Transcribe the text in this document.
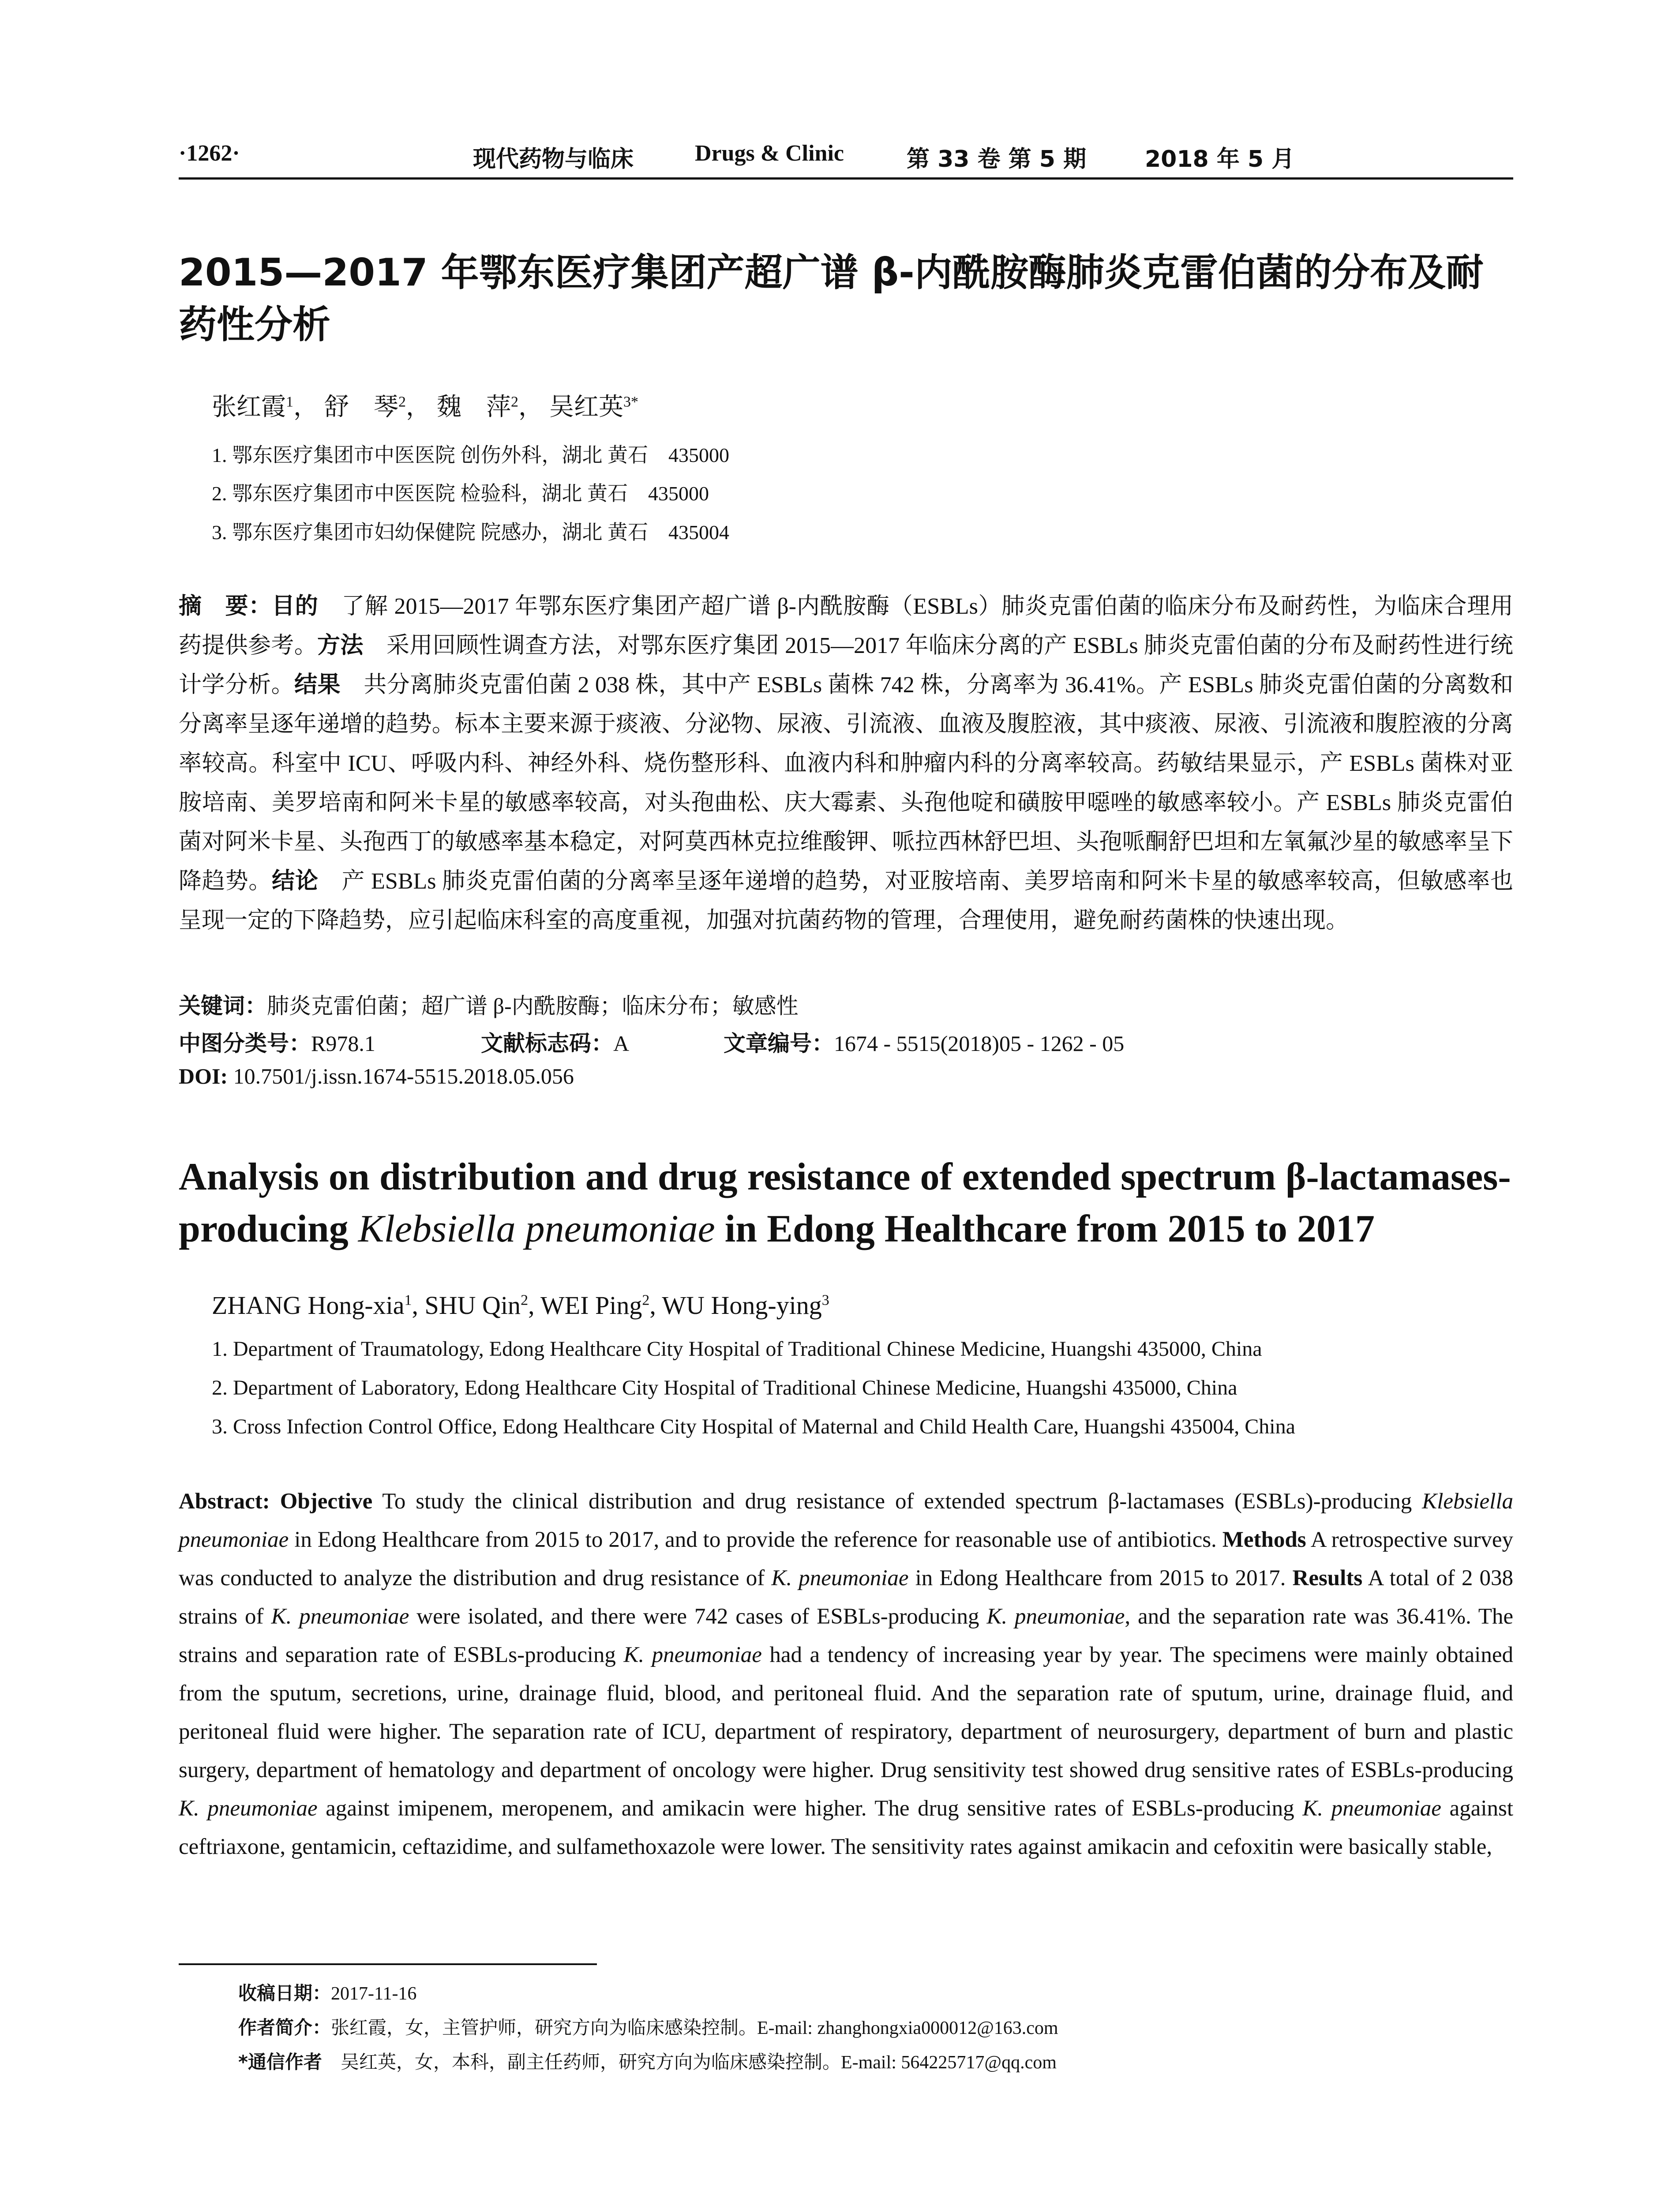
·1262·	现代药物与临床	Drugs & Clinic	第 33 卷 第 5 期	2018 年 5 月
2015—2017 年鄂东医疗集团产超广谱 β-内酰胺酶肺炎克雷伯菌的分布及耐
药性分析
张红霞$^1$， 舒　琴$^2$， 魏　萍$^2$， 吴红英$^{3*}$
1. 鄂东医疗集团市中医医院 创伤外科，湖北 黄石　435000
2. 鄂东医疗集团市中医医院 检验科，湖北 黄石　435000
3. 鄂东医疗集团市妇幼保健院 院感办，湖北 黄石　435004
摘　要：目的　了解 2015—2017 年鄂东医疗集团产超广谱 β-内酰胺酶（ESBLs）肺炎克雷伯菌的临床分布及耐药性，为临床合理用药提供参考。方法　采用回顾性调查方法，对鄂东医疗集团 2015—2017 年临床分离的产 ESBLs 肺炎克雷伯菌的分布及耐药性进行统计学分析。结果　共分离肺炎克雷伯菌 2 038 株，其中产 ESBLs 菌株 742 株，分离率为 36.41%。产 ESBLs 肺炎克雷伯菌的分离数和分离率呈逐年递增的趋势。标本主要来源于痰液、分泌物、尿液、引流液、血液及腹腔液，其中痰液、尿液、引流液和腹腔液的分离率较高。科室中 ICU、呼吸内科、神经外科、烧伤整形科、血液内科和肿瘤内科的分离率较高。药敏结果显示，产 ESBLs 菌株对亚胺培南、美罗培南和阿米卡星的敏感率较高，对头孢曲松、庆大霉素、头孢他啶和磺胺甲噁唑的敏感率较小。产 ESBLs 肺炎克雷伯菌对阿米卡星、头孢西丁的敏感率基本稳定，对阿莫西林克拉维酸钾、哌拉西林舒巴坦、头孢哌酮舒巴坦和左氧氟沙星的敏感率呈下降趋势。结论　产 ESBLs 肺炎克雷伯菌的分离率呈逐年递增的趋势，对亚胺培南、美罗培南和阿米卡星的敏感率较高，但敏感率也呈现一定的下降趋势，应引起临床科室的高度重视，加强对抗菌药物的管理，合理使用，避免耐药菌株的快速出现。
关键词：肺炎克雷伯菌；超广谱 β-内酰胺酶；临床分布；敏感性
中图分类号：R978.1	文献标志码：A	文章编号：1674 - 5515(2018)05 - 1262 - 05
DOI: 10.7501/j.issn.1674-5515.2018.05.056
Analysis on distribution and drug resistance of extended spectrum β-lactamases-
producing Klebsiella pneumoniae in Edong Healthcare from 2015 to 2017
ZHANG Hong-xia$^1$, SHU Qin$^2$, WEI Ping$^2$, WU Hong-ying$^3$
1. Department of Traumatology, Edong Healthcare City Hospital of Traditional Chinese Medicine, Huangshi 435000, China
2. Department of Laboratory, Edong Healthcare City Hospital of Traditional Chinese Medicine, Huangshi 435000, China
3. Cross Infection Control Office, Edong Healthcare City Hospital of Maternal and Child Health Care, Huangshi 435004, China
Abstract: Objective To study the clinical distribution and drug resistance of extended spectrum β-lactamases (ESBLs)-producing Klebsiella pneumoniae in Edong Healthcare from 2015 to 2017, and to provide the reference for reasonable use of antibiotics. Methods A retrospective survey was conducted to analyze the distribution and drug resistance of K. pneumoniae in Edong Healthcare from 2015 to 2017. Results A total of 2 038 strains of K. pneumoniae were isolated, and there were 742 cases of ESBLs-producing K. pneumoniae, and the separation rate was 36.41%. The strains and separation rate of ESBLs-producing K. pneumoniae had a tendency of increasing year by year. The specimens were mainly obtained from the sputum, secretions, urine, drainage fluid, blood, and peritoneal fluid. And the separation rate of sputum, urine, drainage fluid, and peritoneal fluid were higher. The separation rate of ICU, department of respiratory, department of neurosurgery, department of burn and plastic surgery, department of hematology and department of oncology were higher. Drug sensitivity test showed drug sensitive rates of ESBLs-producing K. pneumoniae against imipenem, meropenem, and amikacin were higher. The drug sensitive rates of ESBLs-producing K. pneumoniae against ceftriaxone, gentamicin, ceftazidime, and sulfamethoxazole were lower. The sensitivity rates against amikacin and cefoxitin were basically stable,
收稿日期：2017-11-16
作者简介：张红霞，女，主管护师，研究方向为临床感染控制。E-mail: zhanghongxia000012@163.com
*通信作者　吴红英，女，本科，副主任药师，研究方向为临床感染控制。E-mail: 564225717@qq.com
